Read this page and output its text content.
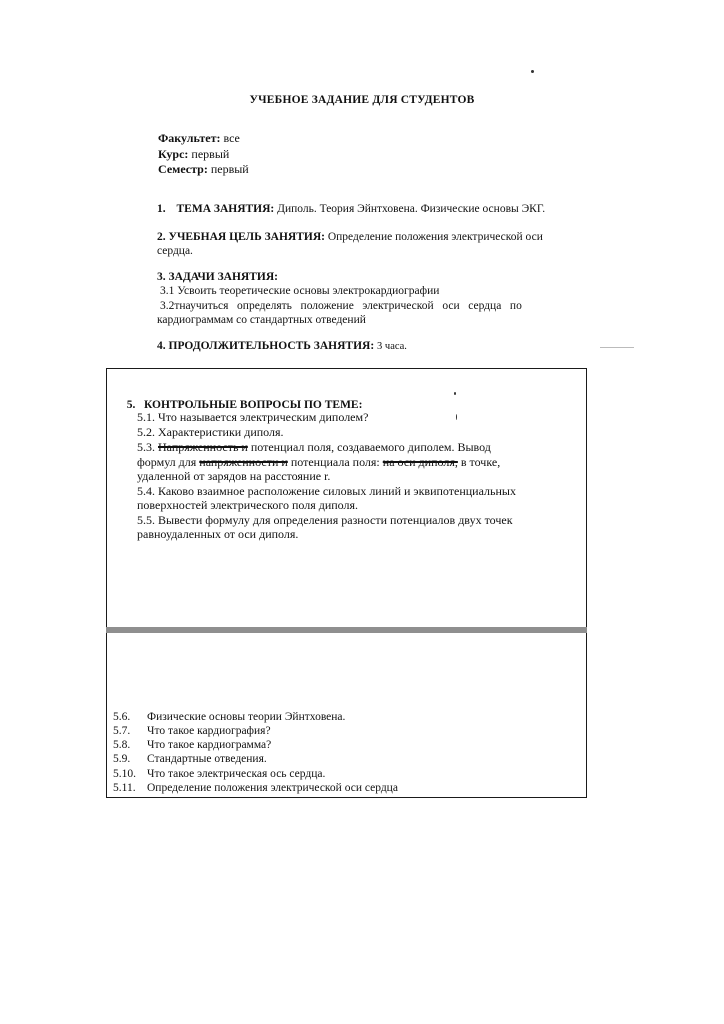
УЧЕБНОЕ ЗАДАНИЕ ДЛЯ СТУДЕНТОВ
Факультет: все
Курс: первый
Семестр: первый
1. ТЕМА ЗАНЯТИЯ: Диполь. Теория Эйнтховена. Физические основы ЭКГ.
2. УЧЕБНАЯ ЦЕЛЬ ЗАНЯТИЯ: Определение положения электрической оси
сердца.
3. ЗАДАЧИ ЗАНЯТИЯ:
3.1 Усвоить теоретические основы электрокардиографии
3.2тнаучиться   определять   положение   электрической   оси   сердца   по
кардиограммам со стандартных отведений
4. ПРОДОЛЖИТЕЛЬНОСТЬ ЗАНЯТИЯ: 3 часа.

5.   КОНТРОЛЬНЫЕ ВОПРОСЫ ПО ТЕМЕ:

5.1. Что называется электрическим диполем?
5.2. Характеристики диполя.
5.3. Напряженность и потенциал поля, создаваемого диполем. Вывод
формул для напряженности и потенциала поля: на оси диполя, в точке,
удаленной от зарядов на расстояние r.
5.4. Каково взаимное расположение силовых линий и эквипотенциальных
поверхностей электрического поля диполя.
5.5. Вывести формулу для определения разности потенциалов двух точек
равноудаленных от оси диполя.
5.6. Физические основы теории Эйнтховена.
5.7. Что такое кардиография?
5.8. Что такое кардиограмма?
5.9. Стандартные отведения.
5.10. Что такое электрическая ось сердца.
5.11. Определение положения электрической оси сердца
